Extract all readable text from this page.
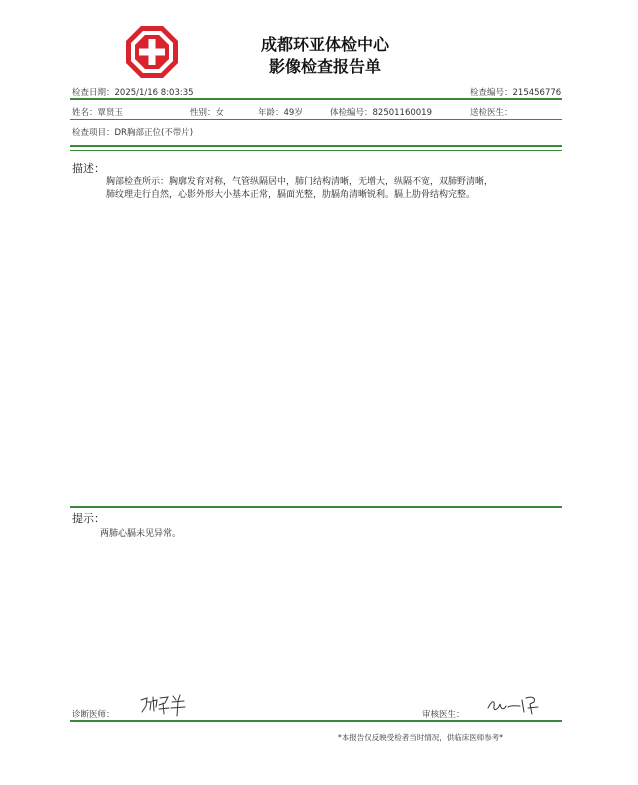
成都环亚体检中心
影像检查报告单
检查日期：2025/1/16 8:03:35	检查编号：215456776
姓名：覃贤玉	性别：女	年龄：49岁	体检编号：82501160019	送检医生：
检查项目：DR胸部正位(不带片)
描述：
胸部检查所示：胸廓发育对称，气管纵隔居中，肺门结构清晰，无增大，纵隔不宽，双肺野清晰，肺纹理走行自然，心影外形大小基本正常，膈面光整，肋膈角清晰锐利。膈上肋骨结构完整。
提示：
两肺心膈未见异常。
诊断医师：	审核医生：
*本报告仅反映受检者当时情况，供临床医师参考*
